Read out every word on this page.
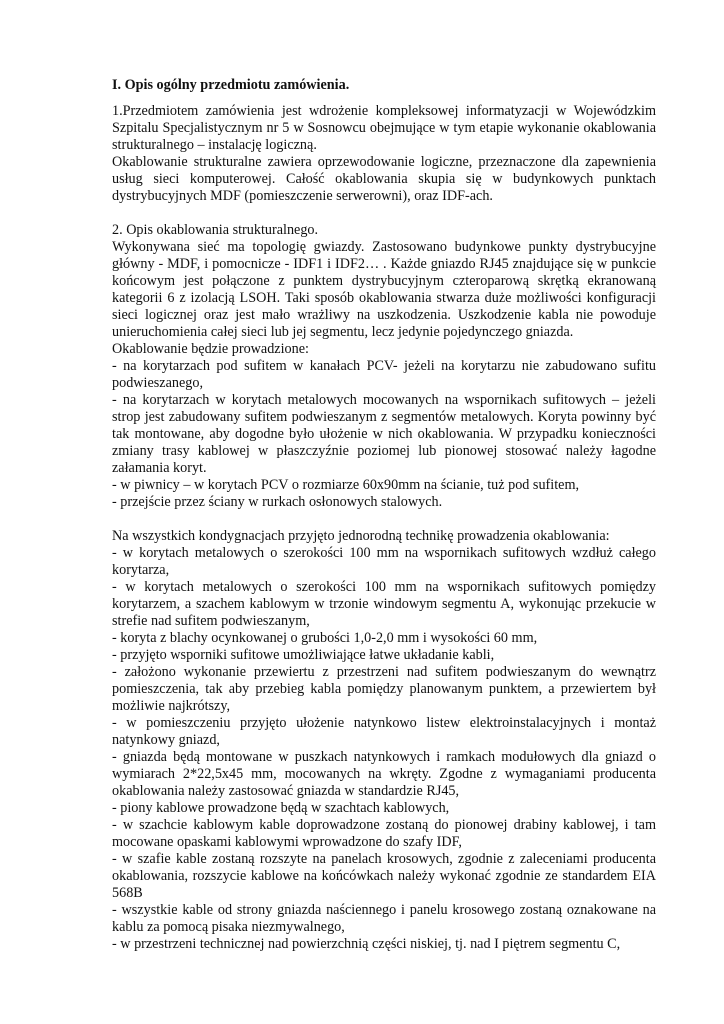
I. Opis ogólny przedmiotu zamówienia.

1.Przedmiotem zamówienia jest wdrożenie kompleksowej informatyzacji w Wojewódzkim Szpitalu Specjalistycznym nr 5 w Sosnowcu obejmujące w tym etapie wykonanie okablowania strukturalnego – instalację logiczną.

Okablowanie strukturalne zawiera oprzewodowanie logiczne, przeznaczone dla zapewnienia usług sieci komputerowej. Całość okablowania skupia się w budynkowych punktach dystrybucyjnych MDF (pomieszczenie serwerowni), oraz IDF-ach.

2. Opis okablowania strukturalnego.

Wykonywana sieć ma topologię gwiazdy. Zastosowano budynkowe punkty dystrybucyjne główny - MDF, i pomocnicze - IDF1 i IDF2… . Każde gniazdo RJ45 znajdujące się w punkcie końcowym jest połączone z punktem dystrybucyjnym czteroparową skrętką ekranowaną kategorii 6 z izolacją LSOH. Taki sposób okablowania stwarza duże możliwości konfiguracji sieci logicznej oraz jest mało wrażliwy na uszkodzenia. Uszkodzenie kabla nie powoduje unieruchomienia całej sieci lub jej segmentu, lecz jedynie pojedynczego gniazda.

Okablowanie będzie prowadzione:

- na korytarzach pod sufitem w kanałach PCV- jeżeli na korytarzu nie zabudowano sufitu podwieszanego,

- na korytarzach w korytach metalowych mocowanych na wspornikach sufitowych – jeżeli strop jest zabudowany sufitem podwieszanym z segmentów metalowych. Koryta powinny być tak montowane, aby dogodne było ułożenie w nich okablowania. W przypadku konieczności zmiany trasy kablowej w płaszczyźnie poziomej lub pionowej stosować należy łagodne załamania koryt.

- w piwnicy – w korytach PCV o rozmiarze 60x90mm na ścianie, tuż pod sufitem,

- przejście przez ściany w rurkach osłonowych stalowych.

Na wszystkich kondygnacjach przyjęto jednorodną technikę prowadzenia okablowania:

- w korytach metalowych o szerokości 100 mm na wspornikach sufitowych wzdłuż całego korytarza,

- w korytach metalowych o szerokości 100 mm na wspornikach sufitowych pomiędzy korytarzem, a szachem kablowym w trzonie windowym segmentu A, wykonując przekucie w strefie nad sufitem podwieszanym,

- koryta z blachy ocynkowanej o grubości 1,0-2,0 mm i wysokości 60 mm,

- przyjęto wsporniki sufitowe umożliwiające łatwe układanie kabli,

- założono wykonanie przewiertu z przestrzeni nad sufitem podwieszanym do wewnątrz pomieszczenia, tak aby przebieg kabla pomiędzy planowanym punktem, a przewiertem był możliwie najkrótszy,

- w pomieszczeniu przyjęto ułożenie natynkowo listew elektroinstalacyjnych i montaż natynkowy gniazd,

- gniazda będą montowane w puszkach natynkowych i ramkach modułowych dla gniazd o wymiarach 2*22,5x45 mm, mocowanych na wkręty. Zgodne z wymaganiami producenta okablowania należy zastosować gniazda w standardzie RJ45,

- piony kablowe prowadzone będą w szachtach kablowych,

- w szachcie kablowym kable doprowadzone zostaną do pionowej drabiny kablowej, i tam mocowane opaskami kablowymi wprowadzone do szafy IDF,

- w szafie kable zostaną rozszyte na panelach krosowych, zgodnie z zaleceniami producenta okablowania, rozszycie kablowe na końcówkach należy wykonać zgodnie ze standardem EIA 568B

- wszystkie kable od strony gniazda naściennego i panelu krosowego zostaną oznakowane na kablu za pomocą pisaka niezmywalnego,

- w przestrzeni technicznej nad powierzchnią części niskiej, tj. nad I piętrem segmentu C,
